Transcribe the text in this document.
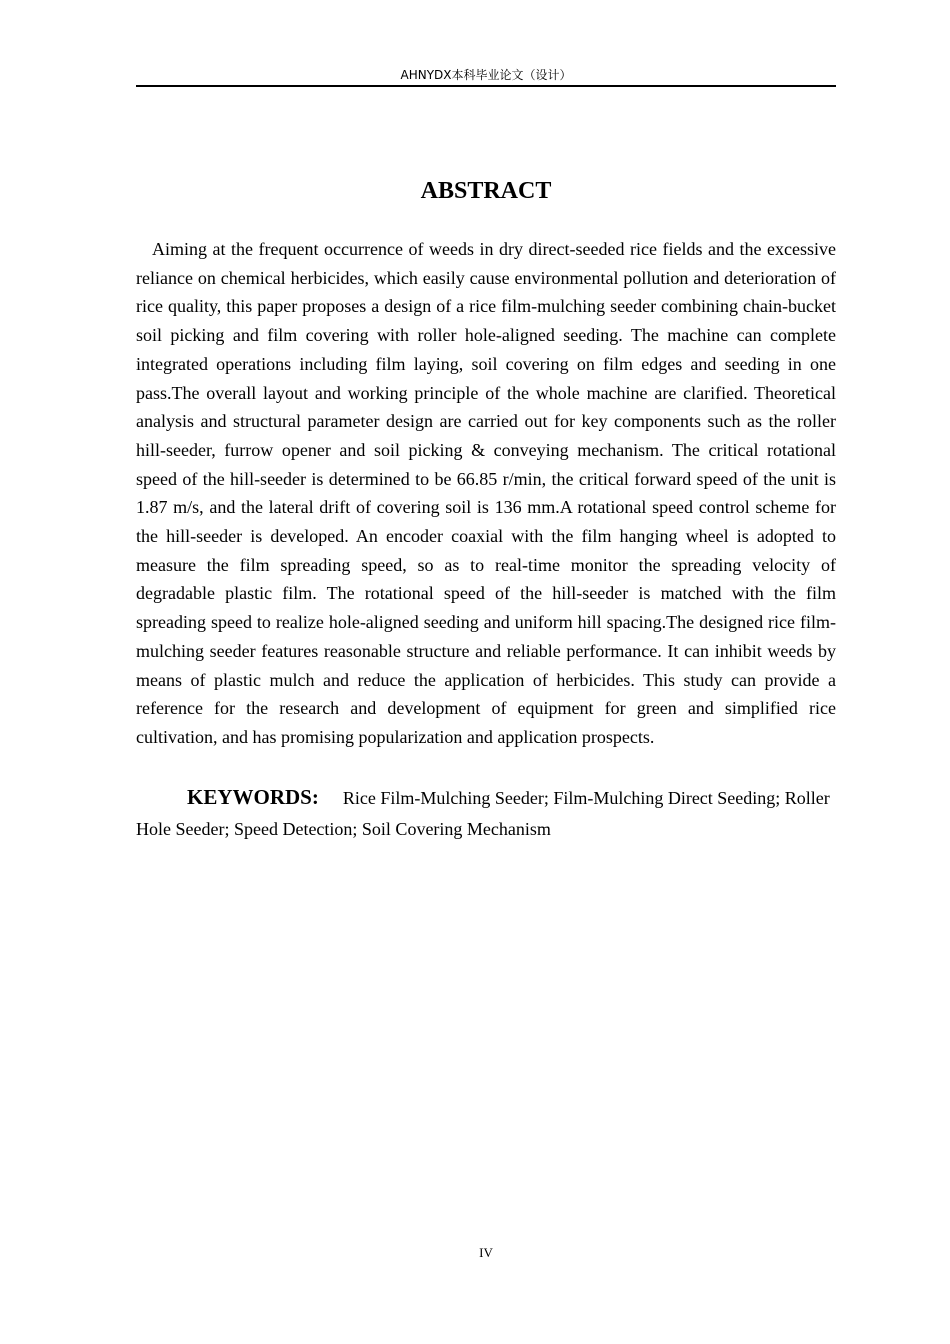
AHNYDX本科毕业论文（设计）
ABSTRACT

Aiming at the frequent occurrence of weeds in dry direct-seeded rice fields and the excessive reliance on chemical herbicides, which easily cause environmental pollution and deterioration of rice quality, this paper proposes a design of a rice film-mulching seeder combining chain-bucket soil picking and film covering with roller hole-aligned seeding. The machine can complete integrated operations including film laying, soil covering on film edges and seeding in one pass.The overall layout and working principle of the whole machine are clarified. Theoretical analysis and structural parameter design are carried out for key components such as the roller hill-seeder, furrow opener and soil picking & conveying mechanism. The critical rotational speed of the hill-seeder is determined to be 66.85 r/min, the critical forward speed of the unit is 1.87 m/s, and the lateral drift of covering soil is 136 mm.A rotational speed control scheme for the hill-seeder is developed. An encoder coaxial with the film hanging wheel is adopted to measure the film spreading speed, so as to real-time monitor the spreading velocity of degradable plastic film. The rotational speed of the hill-seeder is matched with the film spreading speed to realize hole-aligned seeding and uniform hill spacing.The designed rice film-mulching seeder features reasonable structure and reliable performance. It can inhibit weeds by means of plastic mulch and reduce the application of herbicides. This study can provide a reference for the research and development of equipment for green and simplified rice cultivation, and has promising popularization and application prospects.

KEYWORDS: Rice Film-Mulching Seeder; Film-Mulching Direct Seeding; Roller Hole Seeder; Speed Detection; Soil Covering Mechanism

IV
